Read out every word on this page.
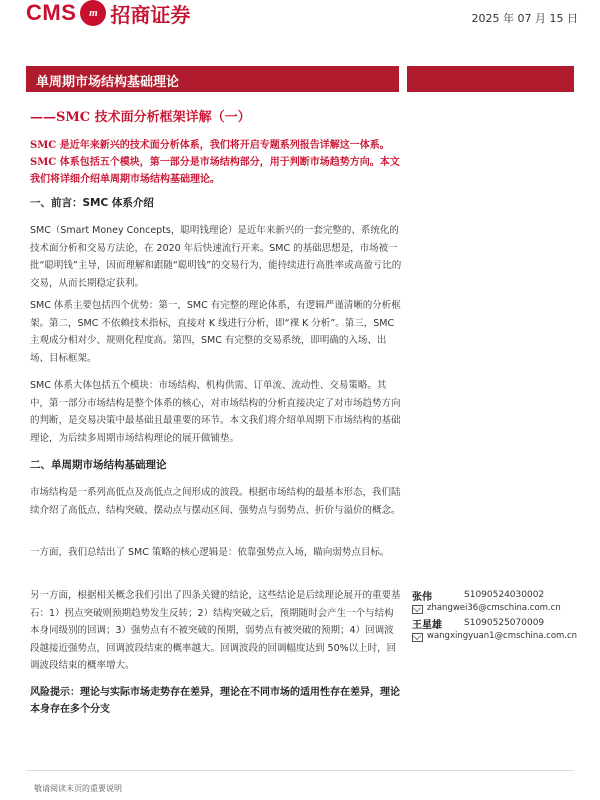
CMS m 招商证券	2025 年 07 月 15 日
单周期市场结构基础理论
——SMC 技术面分析框架详解（一）

SMC 是近年来新兴的技术面分析体系，我们将开启专题系列报告详解这一体系。SMC 体系包括五个模块，第一部分是市场结构部分，用于判断市场趋势方向。本文我们将详细介绍单周期市场结构基础理论。

一、前言：SMC 体系介绍

SMC（Smart Money Concepts，聪明钱理论）是近年来新兴的一套完整的、系统化的技术面分析和交易方法论，在 2020 年后快速流行开来。SMC 的基础思想是，市场被一批“聪明钱”主导，因而理解和跟随“聪明钱”的交易行为，能持续进行高胜率或高盈亏比的交易，从而长期稳定获利。

SMC 体系主要包括四个优势：第一，SMC 有完整的理论体系，有逻辑严谨清晰的分析框架。第二，SMC 不依赖技术指标，直接对 K 线进行分析，即“裸 K 分析”。第三，SMC 主观成分相对少、规则化程度高。第四，SMC 有完整的交易系统，即明确的入场、出场、目标框架。

SMC 体系大体包括五个模块：市场结构、机构供需、订单流、流动性、交易策略。其中，第一部分市场结构是整个体系的核心，对市场结构的分析直接决定了对市场趋势方向的判断，是交易决策中最基础且最重要的环节。本文我们将介绍单周期下市场结构的基础理论，为后续多周期市场结构理论的展开做铺垫。

二、单周期市场结构基础理论

市场结构是一系列高低点及高低点之间形成的波段。根据市场结构的最基本形态，我们陆续介绍了高低点、结构突破、摆动点与摆动区间、强势点与弱势点、折价与溢价的概念。

一方面，我们总结出了 SMC 策略的核心逻辑是：依靠强势点入场，瞄向弱势点目标。

另一方面，根据相关概念我们引出了四条关键的结论，这些结论是后续理论展开的重要基石：1）拐点突破则预期趋势发生反转；2）结构突破之后，预期随时会产生一个与结构本身同级别的回调；3）强势点有不被突破的预期，弱势点有被突破的预期；4）回调波段越接近强势点，回调波段结束的概率越大。回调波段的回调幅度达到 50%以上时，回调波段结束的概率增大。

风险提示：理论与实际市场走势存在差异，理论在不同市场的适用性存在差异，理论本身存在多个分支

张伟	S1090524030002
zhangwei36@cmschina.com.cn
王星雄	S1090525070009
wangxingyuan1@cmschina.com.cn
敬请阅读末页的重要说明
